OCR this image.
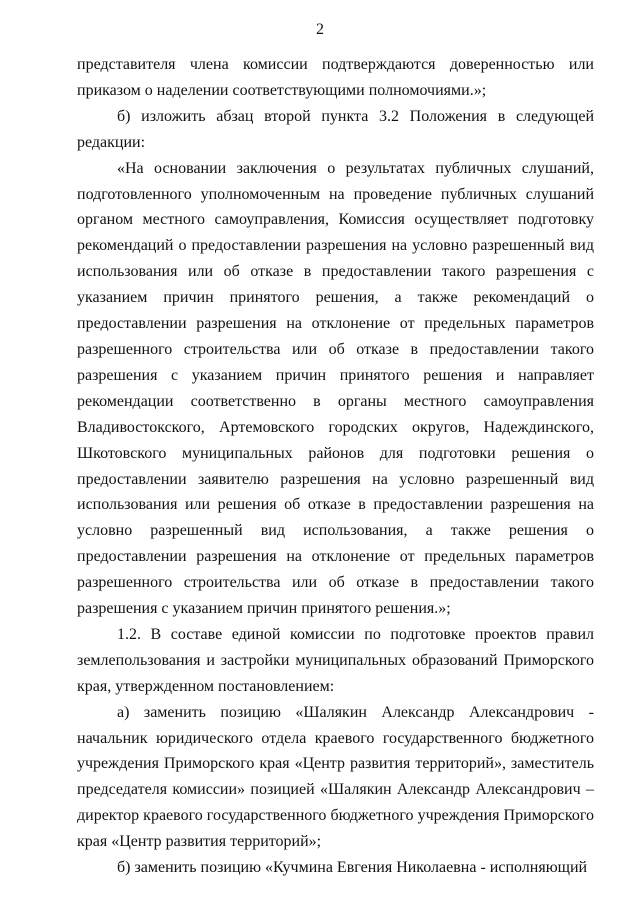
2

представителя члена комиссии подтверждаются доверенностью или приказом о наделении соответствующими полномочиями.»;

б) изложить абзац второй пункта 3.2 Положения в следующей редакции:

«На основании заключения о результатах публичных слушаний, подготовленного уполномоченным на проведение публичных слушаний органом местного самоуправления, Комиссия осуществляет подготовку рекомендаций о предоставлении разрешения на условно разрешенный вид использования или об отказе в предоставлении такого разрешения с указанием причин принятого решения, а также рекомендаций о предоставлении разрешения на отклонение от предельных параметров разрешенного строительства или об отказе в предоставлении такого разрешения с указанием причин принятого решения и направляет рекомендации соответственно в органы местного самоуправления Владивостокского, Артемовского городских округов, Надеждинского, Шкотовского муниципальных районов для подготовки решения о предоставлении заявителю разрешения на условно разрешенный вид использования или решения об отказе в предоставлении разрешения на условно разрешенный вид использования, а также решения о предоставлении разрешения на отклонение от предельных параметров разрешенного строительства или об отказе в предоставлении такого разрешения с указанием причин принятого решения.»;

1.2. В составе единой комиссии по подготовке проектов правил землепользования и застройки муниципальных образований Приморского края, утвержденном постановлением:

а) заменить позицию «Шалякин Александр Александрович - начальник юридического отдела краевого государственного бюджетного учреждения Приморского края «Центр развития территорий», заместитель председателя комиссии» позицией «Шалякин Александр Александрович – директор краевого государственного бюджетного учреждения Приморского края «Центр развития территорий»;

б) заменить позицию «Кучмина Евгения Николаевна - исполняющий
